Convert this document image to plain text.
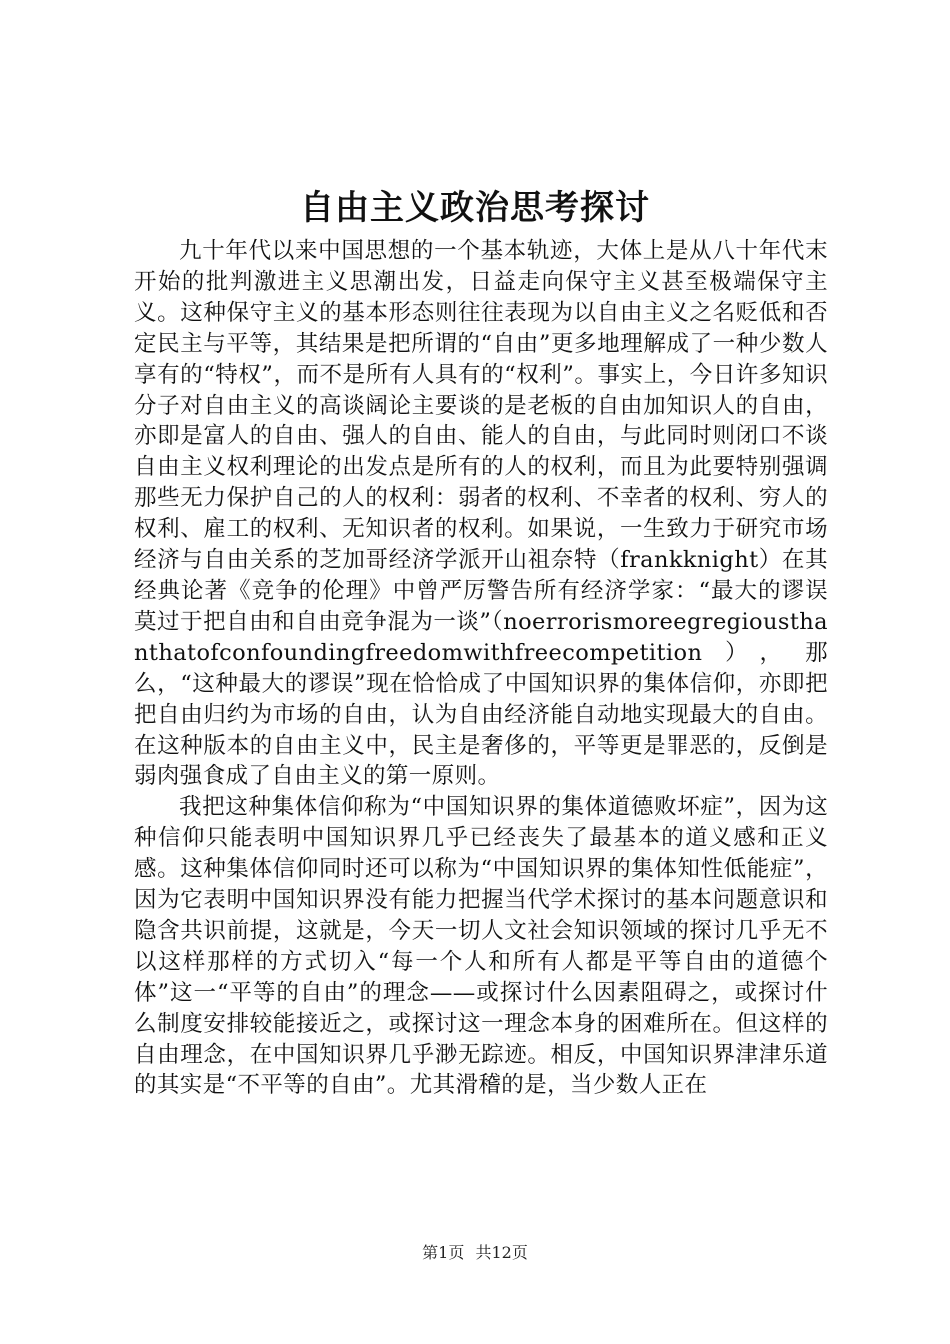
自由主义政治思考探讨

九十年代以来中国思想的一个基本轨迹，大体上是从八十年代末开始的批判激进主义思潮出发，日益走向保守主义甚至极端保守主义。这种保守主义的基本形态则往往表现为以自由主义之名贬低和否定民主与平等，其结果是把所谓的“自由”更多地理解成了一种少数人享有的“特权”，而不是所有人具有的“权利”。事实上，今日许多知识分子对自由主义的高谈阔论主要谈的是老板的自由加知识人的自由，亦即是富人的自由、强人的自由、能人的自由，与此同时则闭口不谈自由主义权利理论的出发点是所有的人的权利，而且为此要特别强调那些无力保护自己的人的权利：弱者的权利、不幸者的权利、穷人的权利、雇工的权利、无知识者的权利。如果说，一生致力于研究市场经济与自由关系的芝加哥经济学派开山祖奈特（frankknight）在其经典论著《竞争的伦理》中曾严厉警告所有经济学家：“最大的谬误莫过于把自由和自由竞争混为一谈”（noerrorismoreegregiousthanthatofconfoundingfreedomwithfreecompetition），那么，“这种最大的谬误”现在恰恰成了中国知识界的集体信仰，亦即把把自由归约为市场的自由，认为自由经济能自动地实现最大的自由。在这种版本的自由主义中，民主是奢侈的，平等更是罪恶的，反倒是弱肉强食成了自由主义的第一原则。

我把这种集体信仰称为“中国知识界的集体道德败坏症”，因为这种信仰只能表明中国知识界几乎已经丧失了最基本的道义感和正义感。这种集体信仰同时还可以称为“中国知识界的集体知性低能症”，因为它表明中国知识界没有能力把握当代学术探讨的基本问题意识和隐含共识前提，这就是，今天一切人文社会知识领域的探讨几乎无不以这样那样的方式切入“每一个人和所有人都是平等自由的道德个体”这一“平等的自由”的理念——或探讨什么因素阻碍之，或探讨什么制度安排较能接近之，或探讨这一理念本身的困难所在。但这样的自由理念，在中国知识界几乎渺无踪迹。相反，中国知识界津津乐道的其实是“不平等的自由”。尤其滑稽的是，当少数人正在

第1页 共12页
